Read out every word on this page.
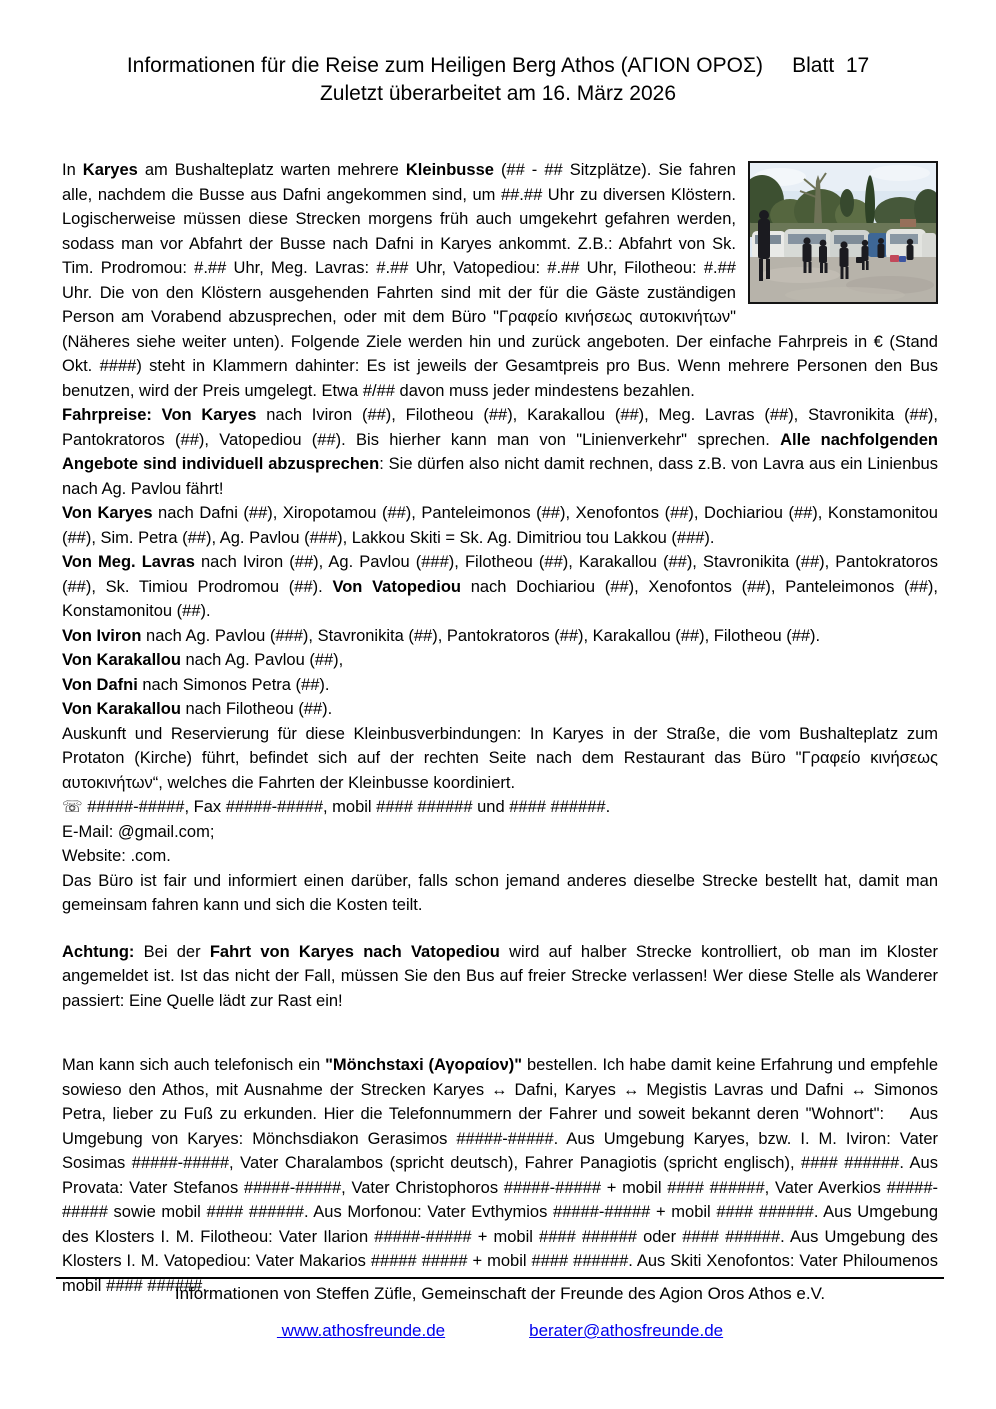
Informationen für die Reise zum Heiligen Berg Athos (ΑΓΙΟΝ ΟΡΟΣ)     Blatt  17
Zuletzt überarbeitet am 16. März 2026
In Karyes am Bushalteplatz warten mehrere Kleinbusse (## - ## Sitzplätze). Sie fahren alle, nachdem die Busse aus Dafni angekommen sind, um ##.## Uhr zu diversen Klöstern. Logischerweise müssen diese Strecken morgens früh auch umgekehrt gefahren werden, sodass man vor Abfahrt der Busse nach Dafni in Karyes ankommt. Z.B.: Abfahrt von Sk. Tim. Prodromou: #.## Uhr, Meg. Lavras: #.## Uhr, Vatopediou: #.## Uhr, Filotheou: #.## Uhr. Die von den Klöstern ausgehenden Fahrten sind mit der für die Gäste zuständigen Person am Vorabend abzusprechen, oder mit dem Büro "Γραφείο κινήσεως αυτοκινήτων" (Näheres siehe weiter unten). Folgende Ziele werden hin und zurück angeboten. Der einfache Fahrpreis in € (Stand Okt. ####) steht in Klammern dahinter: Es ist jeweils der Gesamtpreis pro Bus. Wenn mehrere Personen den Bus benutzen, wird der Preis umgelegt. Etwa #/## davon muss jeder mindestens bezahlen.
Fahrpreise: Von Karyes nach Iviron (##), Filotheou (##), Karakallou (##), Meg. Lavras (##), Stavronikita (##), Pantokratoros (##), Vatopediou (##). Bis hierher kann man von "Linienverkehr" sprechen. Alle nachfolgenden Angebote sind individuell abzusprechen: Sie dürfen also nicht damit rechnen, dass z.B. von Lavra aus ein Linienbus nach Ag. Pavlou fährt!
Von Karyes nach Dafni (##), Xiropotamou (##), Panteleimonos (##), Xenofontos (##), Dochiariou (##), Konstamonitou (##), Sim. Petra (##), Ag. Pavlou (###), Lakkou Skiti = Sk. Ag. Dimitriou tou Lakkou (###).
Von Meg. Lavras nach Iviron (##), Ag. Pavlou (###), Filotheou (##), Karakallou (##), Stavronikita (##), Pantokratoros (##), Sk. Timiou Prodromou (##). Von Vatopediou nach Dochiariou (##), Xenofontos (##), Panteleimonos (##), Konstamonitou (##).
Von Iviron nach Ag. Pavlou (###), Stavronikita (##), Pantokratoros (##), Karakallou (##), Filotheou (##).
Von Karakallou nach Ag. Pavlou (##),
Von Dafni nach Simonos Petra (##).
Von Karakallou nach Filotheou (##).
Auskunft und Reservierung für diese Kleinbusverbindungen: In Karyes in der Straße, die vom Bushalteplatz zum Protaton (Kirche) führt, befindet sich auf der rechten Seite nach dem Restaurant das Büro "Γραφείο κινήσεως αυτοκινήτων“, welches die Fahrten der Kleinbusse koordiniert.
☏ #####-#####, Fax #####-#####, mobil #### ###### und #### ######.
E-Mail: @gmail.com;
Website: .com.
Das Büro ist fair und informiert einen darüber, falls schon jemand anderes dieselbe Strecke bestellt hat, damit man gemeinsam fahren kann und sich die Kosten teilt.
Achtung: Bei der Fahrt von Karyes nach Vatopediou wird auf halber Strecke kontrolliert, ob man im Kloster angemeldet ist. Ist das nicht der Fall, müssen Sie den Bus auf freier Strecke verlassen! Wer diese Stelle als Wanderer passiert: Eine Quelle lädt zur Rast ein!
Man kann sich auch telefonisch ein "Mönchstaxi (Αγοραίον)" bestellen. Ich habe damit keine Erfahrung und empfehle sowieso den Athos, mit Ausnahme der Strecken Karyes ↔ Dafni, Karyes ↔ Megistis Lavras und Dafni ↔ Simonos Petra, lieber zu Fuß zu erkunden. Hier die Telefonnummern der Fahrer und soweit bekannt deren "Wohnort":    Aus Umgebung von Karyes: Mönchsdiakon Gerasimos #####-#####. Aus Umgebung Karyes, bzw. I. M. Iviron: Vater Sosimas #####-#####, Vater Charalambos (spricht deutsch), Fahrer Panagiotis (spricht englisch), #### ######. Aus Provata: Vater Stefanos #####-#####, Vater Christophoros #####-##### + mobil #### ######, Vater Averkios #####-##### sowie mobil #### ######. Aus Morfonou: Vater Evthymios #####-##### + mobil #### ######. Aus Umgebung des Klosters I. M. Filotheou: Vater Ilarion #####-##### + mobil #### ###### oder #### ######. Aus Umgebung des Klosters I. M. Vatopediou: Vater Makarios ##### ##### + mobil #### ######. Aus Skiti Xenofontos: Vater Philoumenos mobil #### ######.
Informationen von Steffen Züfle, Gemeinschaft der Freunde des Agion Oros Athos e.V.
www.athosfreunde.de	berater@athosfreunde.de
